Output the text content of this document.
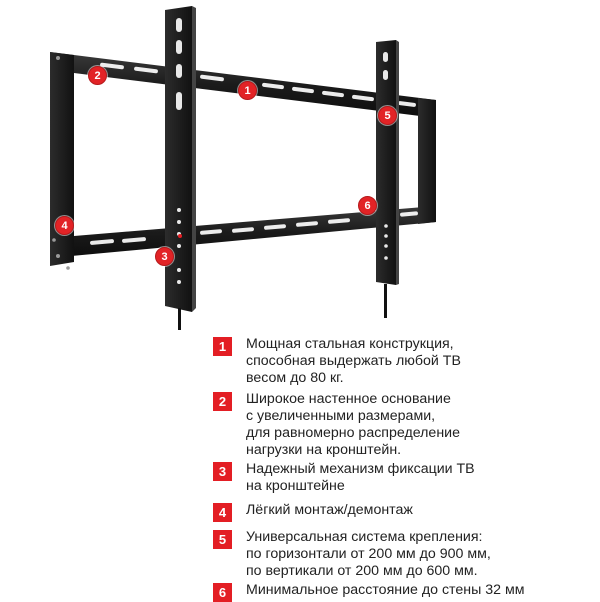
1
2
3
4
5
6
1	Мощная стальная конструкция,
способная выдержать любой ТВ
весом до 80 кг.
2	Широкое настенное основание
с увеличенными размерами,
для равномерно распределение
нагрузки на кронштейн.
3	Надежный механизм фиксации ТВ
на кронштейне
4	Лёгкий монтаж/демонтаж
5	Универсальная система крепления:
по горизонтали от 200 мм до 900 мм,
по вертикали от 200 мм до 600 мм.
6	Минимальное расстояние до стены 32 мм
